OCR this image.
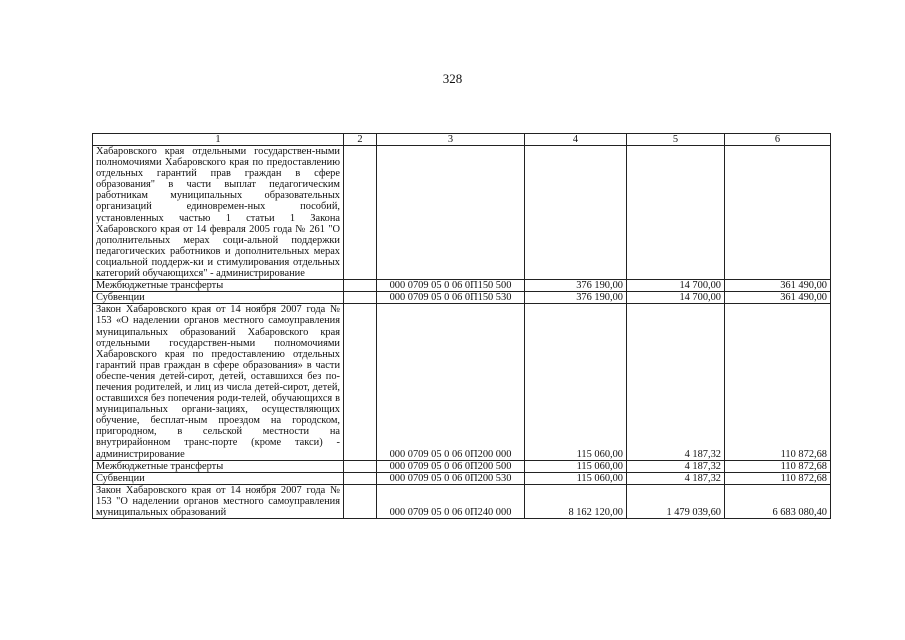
328
1	2	3	4	5	6
Хабаровского края отдельными государствен-ными полномочиями Хабаровского края по предоставлению отдельных гарантий прав граждан в сфере образования" в части выплат педагогическим работникам муниципальных образовательных организаций единовремен-ных пособий, установленных частью 1 статьи 1 Закона Хабаровского края от 14 февраля 2005 года № 261 "О дополнительных мерах соци-альной поддержки педагогических работников и дополнительных мерах социальной поддерж-ки и стимулирования отдельных категорий обучающихся" - администрирование					
Межбюджетные трансферты		000 0709 05 0 06 0П150 500	376 190,00	14 700,00	361 490,00
Субвенции		000 0709 05 0 06 0П150 530	376 190,00	14 700,00	361 490,00
Закон Хабаровского края от 14 ноября 2007 года № 153 «О наделении органов местного самоуправления муниципальных образований Хабаровского края отдельными государствен-ными полномочиями Хабаровского края по предоставлению отдельных гарантий прав граждан в сфере образования» в части обеспе-чения детей-сирот, детей, оставшихся без по-печения родителей, и лиц из числа детей-сирот, детей, оставшихся без попечения роди-телей, обучающихся в муниципальных органи-зациях, осуществляющих обучение, бесплат-ным проездом на городском, пригородном, в сельской местности на внутрирайонном транс-порте (кроме такси) - администрирование		000 0709 05 0 06 0П200 000	115 060,00	4 187,32	110 872,68
Межбюджетные трансферты		000 0709 05 0 06 0П200 500	115 060,00	4 187,32	110 872,68
Субвенции		000 0709 05 0 06 0П200 530	115 060,00	4 187,32	110 872,68
Закон Хабаровского края от 14 ноября 2007 года № 153 "О наделении органов местного самоуправления муниципальных образований		000 0709 05 0 06 0П240 000	8 162 120,00	1 479 039,60	6 683 080,40
